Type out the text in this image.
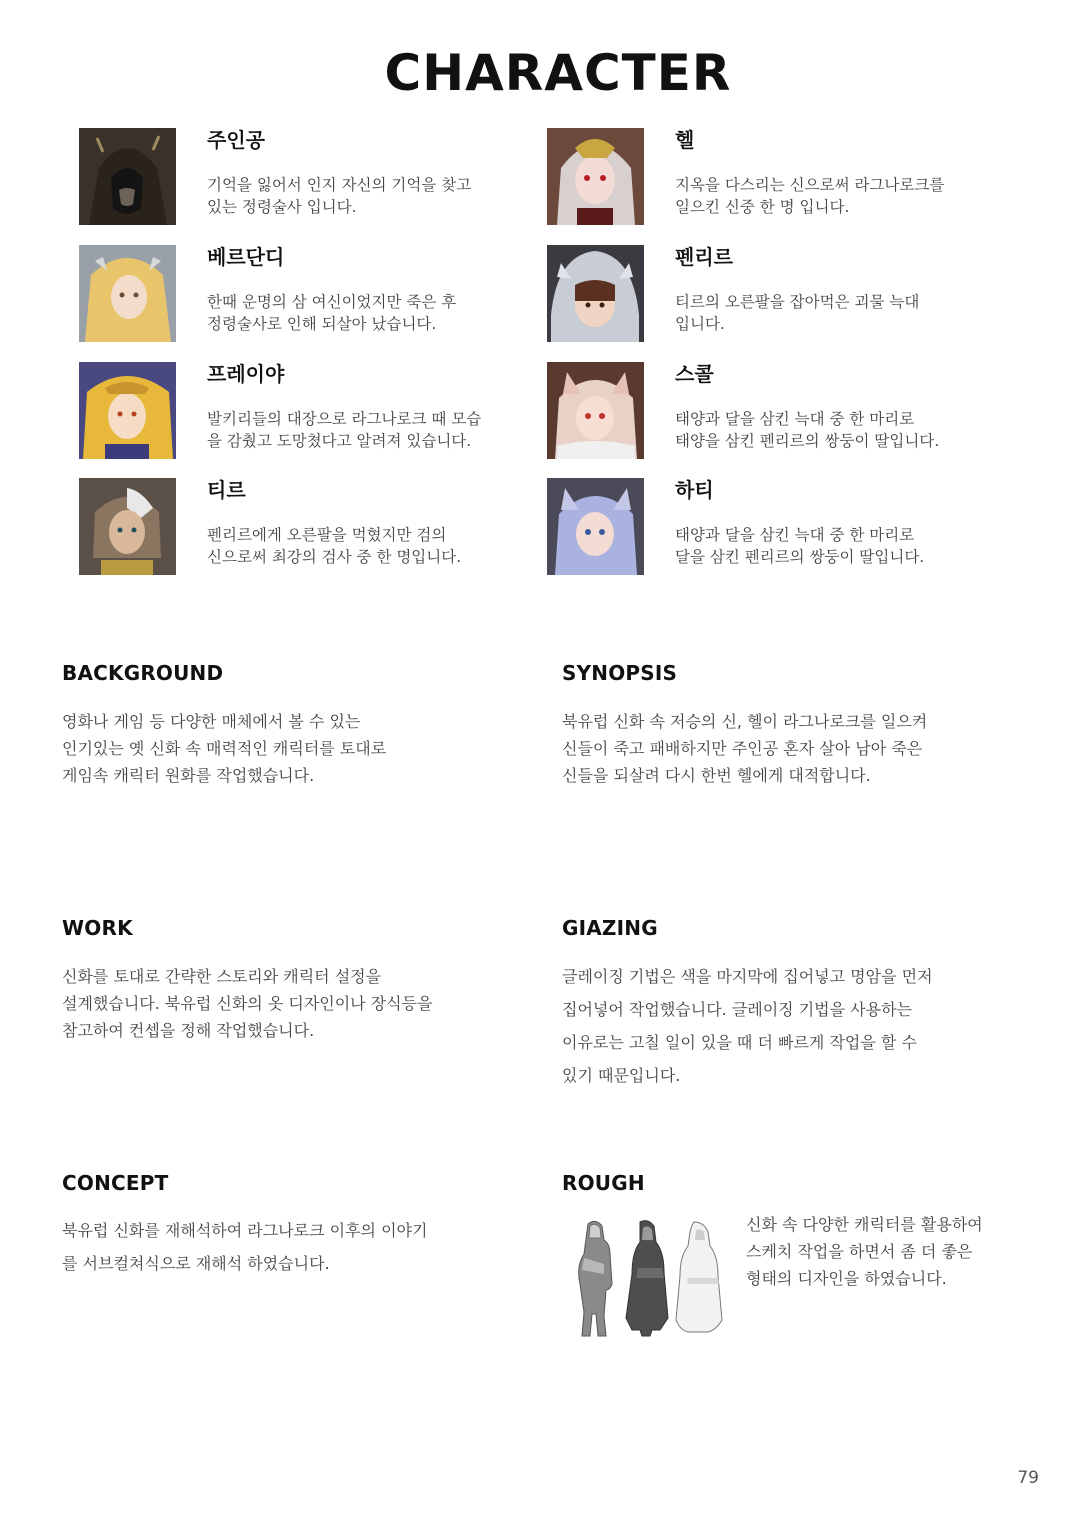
CHARACTER
주인공
기억을 잃어서 인지 자신의 기억을 찾고
있는 정령술사 입니다.
헬
지옥을 다스리는 신으로써 라그나로크를
일으킨 신중 한 명 입니다.
베르단디
한때 운명의 삼 여신이었지만 죽은 후
정령술사로 인해 되살아 났습니다.
펜리르
티르의 오른팔을 잡아먹은 괴물 늑대
입니다.
프레이야
발키리들의 대장으로 라그나로크 때 모습
을 감췄고 도망쳤다고 알려져 있습니다.
스콜
태양과 달을 삼킨 늑대 중 한 마리로
태양을 삼킨 펜리르의 쌍둥이 딸입니다.
티르
펜리르에게 오른팔을 먹혔지만 검의
신으로써 최강의 검사 중 한 명입니다.
하티
태양과 달을 삼킨 늑대 중 한 마리로
달을 삼킨 펜리르의 쌍둥이 딸입니다.
BACKGROUND
영화나 게임 등 다양한 매체에서 볼 수 있는
인기있는 옛 신화 속 매력적인 캐릭터를 토대로
게임속 캐릭터 원화를 작업했습니다.
SYNOPSIS
북유럽 신화 속 저승의 신, 헬이 라그나로크를 일으켜
신들이 죽고 패배하지만 주인공 혼자 살아 남아 죽은
신들을 되살려 다시 한번 헬에게 대적합니다.
WORK
신화를 토대로 간략한 스토리와 캐릭터 설정을
설계했습니다. 북유럽 신화의 옷 디자인이나 장식등을
참고하여 컨셉을 정해 작업했습니다.
GIAZING
글레이징 기법은 색을 마지막에 집어넣고 명암을 먼저
집어넣어 작업했습니다. 글레이징 기법을 사용하는
이유로는 고칠 일이 있을 때 더 빠르게 작업을 할 수
있기 때문입니다.
CONCEPT
북유럽 신화를 재해석하여 라그나로크 이후의 이야기
를 서브컬쳐식으로 재해석 하였습니다.
ROUGH
신화 속 다양한 캐릭터를 활용하여
스케치 작업을 하면서 좀 더 좋은
형태의 디자인을 하였습니다.
79
